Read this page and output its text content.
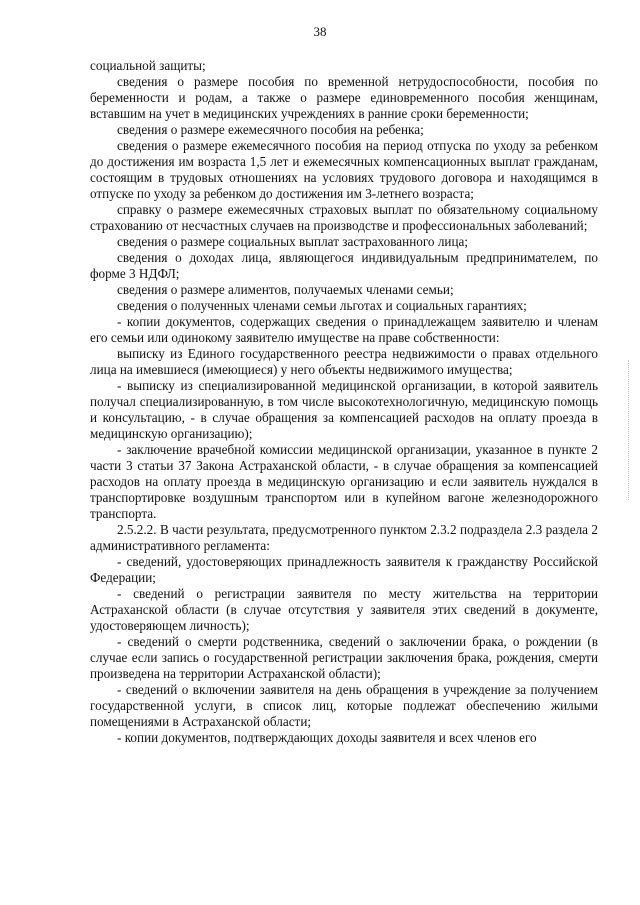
38

социальной защиты;

сведения о размере пособия по временной нетрудоспособности, пособия по беременности и родам, а также о размере единовременного пособия женщинам, вставшим на учет в медицинских учреждениях в ранние сроки беременности;

сведения о размере ежемесячного пособия на ребенка;

сведения о размере ежемесячного пособия на период отпуска по уходу за ребенком до достижения им возраста 1,5 лет и ежемесячных компенсационных выплат гражданам, состоящим в трудовых отношениях на условиях трудового договора и находящимся в отпуске по уходу за ребенком до достижения им 3-летнего возраста;

справку о размере ежемесячных страховых выплат по обязательному социальному страхованию от несчастных случаев на производстве и профессиональных заболеваний;

сведения о размере социальных выплат застрахованного лица;

сведения о доходах лица, являющегося индивидуальным предпринимателем, по форме 3 НДФЛ;

сведения о размере алиментов, получаемых членами семьи;

сведения о полученных членами семьи льготах и социальных гарантиях;

- копии документов, содержащих сведения о принадлежащем заявителю и членам его семьи или одинокому заявителю имуществе на праве собственности:

выписку из Единого государственного реестра недвижимости о правах отдельного лица на имевшиеся (имеющиеся) у него объекты недвижимого имущества;

- выписку из специализированной медицинской организации, в которой заявитель получал специализированную, в том числе высокотехнологичную, медицинскую помощь и консультацию, - в случае обращения за компенсацией расходов на оплату проезда в медицинскую организацию);

- заключение врачебной комиссии медицинской организации, указанное в пункте 2 части 3 статьи 37 Закона Астраханской области, - в случае обращения за компенсацией расходов на оплату проезда в медицинскую организацию и если заявитель нуждался в транспортировке воздушным транспортом или в купейном вагоне железнодорожного транспорта.

2.5.2.2. В части результата, предусмотренного пунктом 2.3.2 подраздела 2.3 раздела 2 административного регламента:

- сведений, удостоверяющих принадлежность заявителя к гражданству Российской Федерации;

- сведений о регистрации заявителя по месту жительства на территории Астраханской области (в случае отсутствия у заявителя этих сведений в документе, удостоверяющем личность);

- сведений о смерти родственника, сведений о заключении брака, о рождении (в случае если запись о государственной регистрации заключения брака, рождения, смерти произведена на территории Астраханской области);

- сведений о включении заявителя на день обращения в учреждение за получением государственной услуги, в список лиц, которые подлежат обеспечению жилыми помещениями в Астраханской области;

- копии документов, подтверждающих доходы заявителя и всех членов его
